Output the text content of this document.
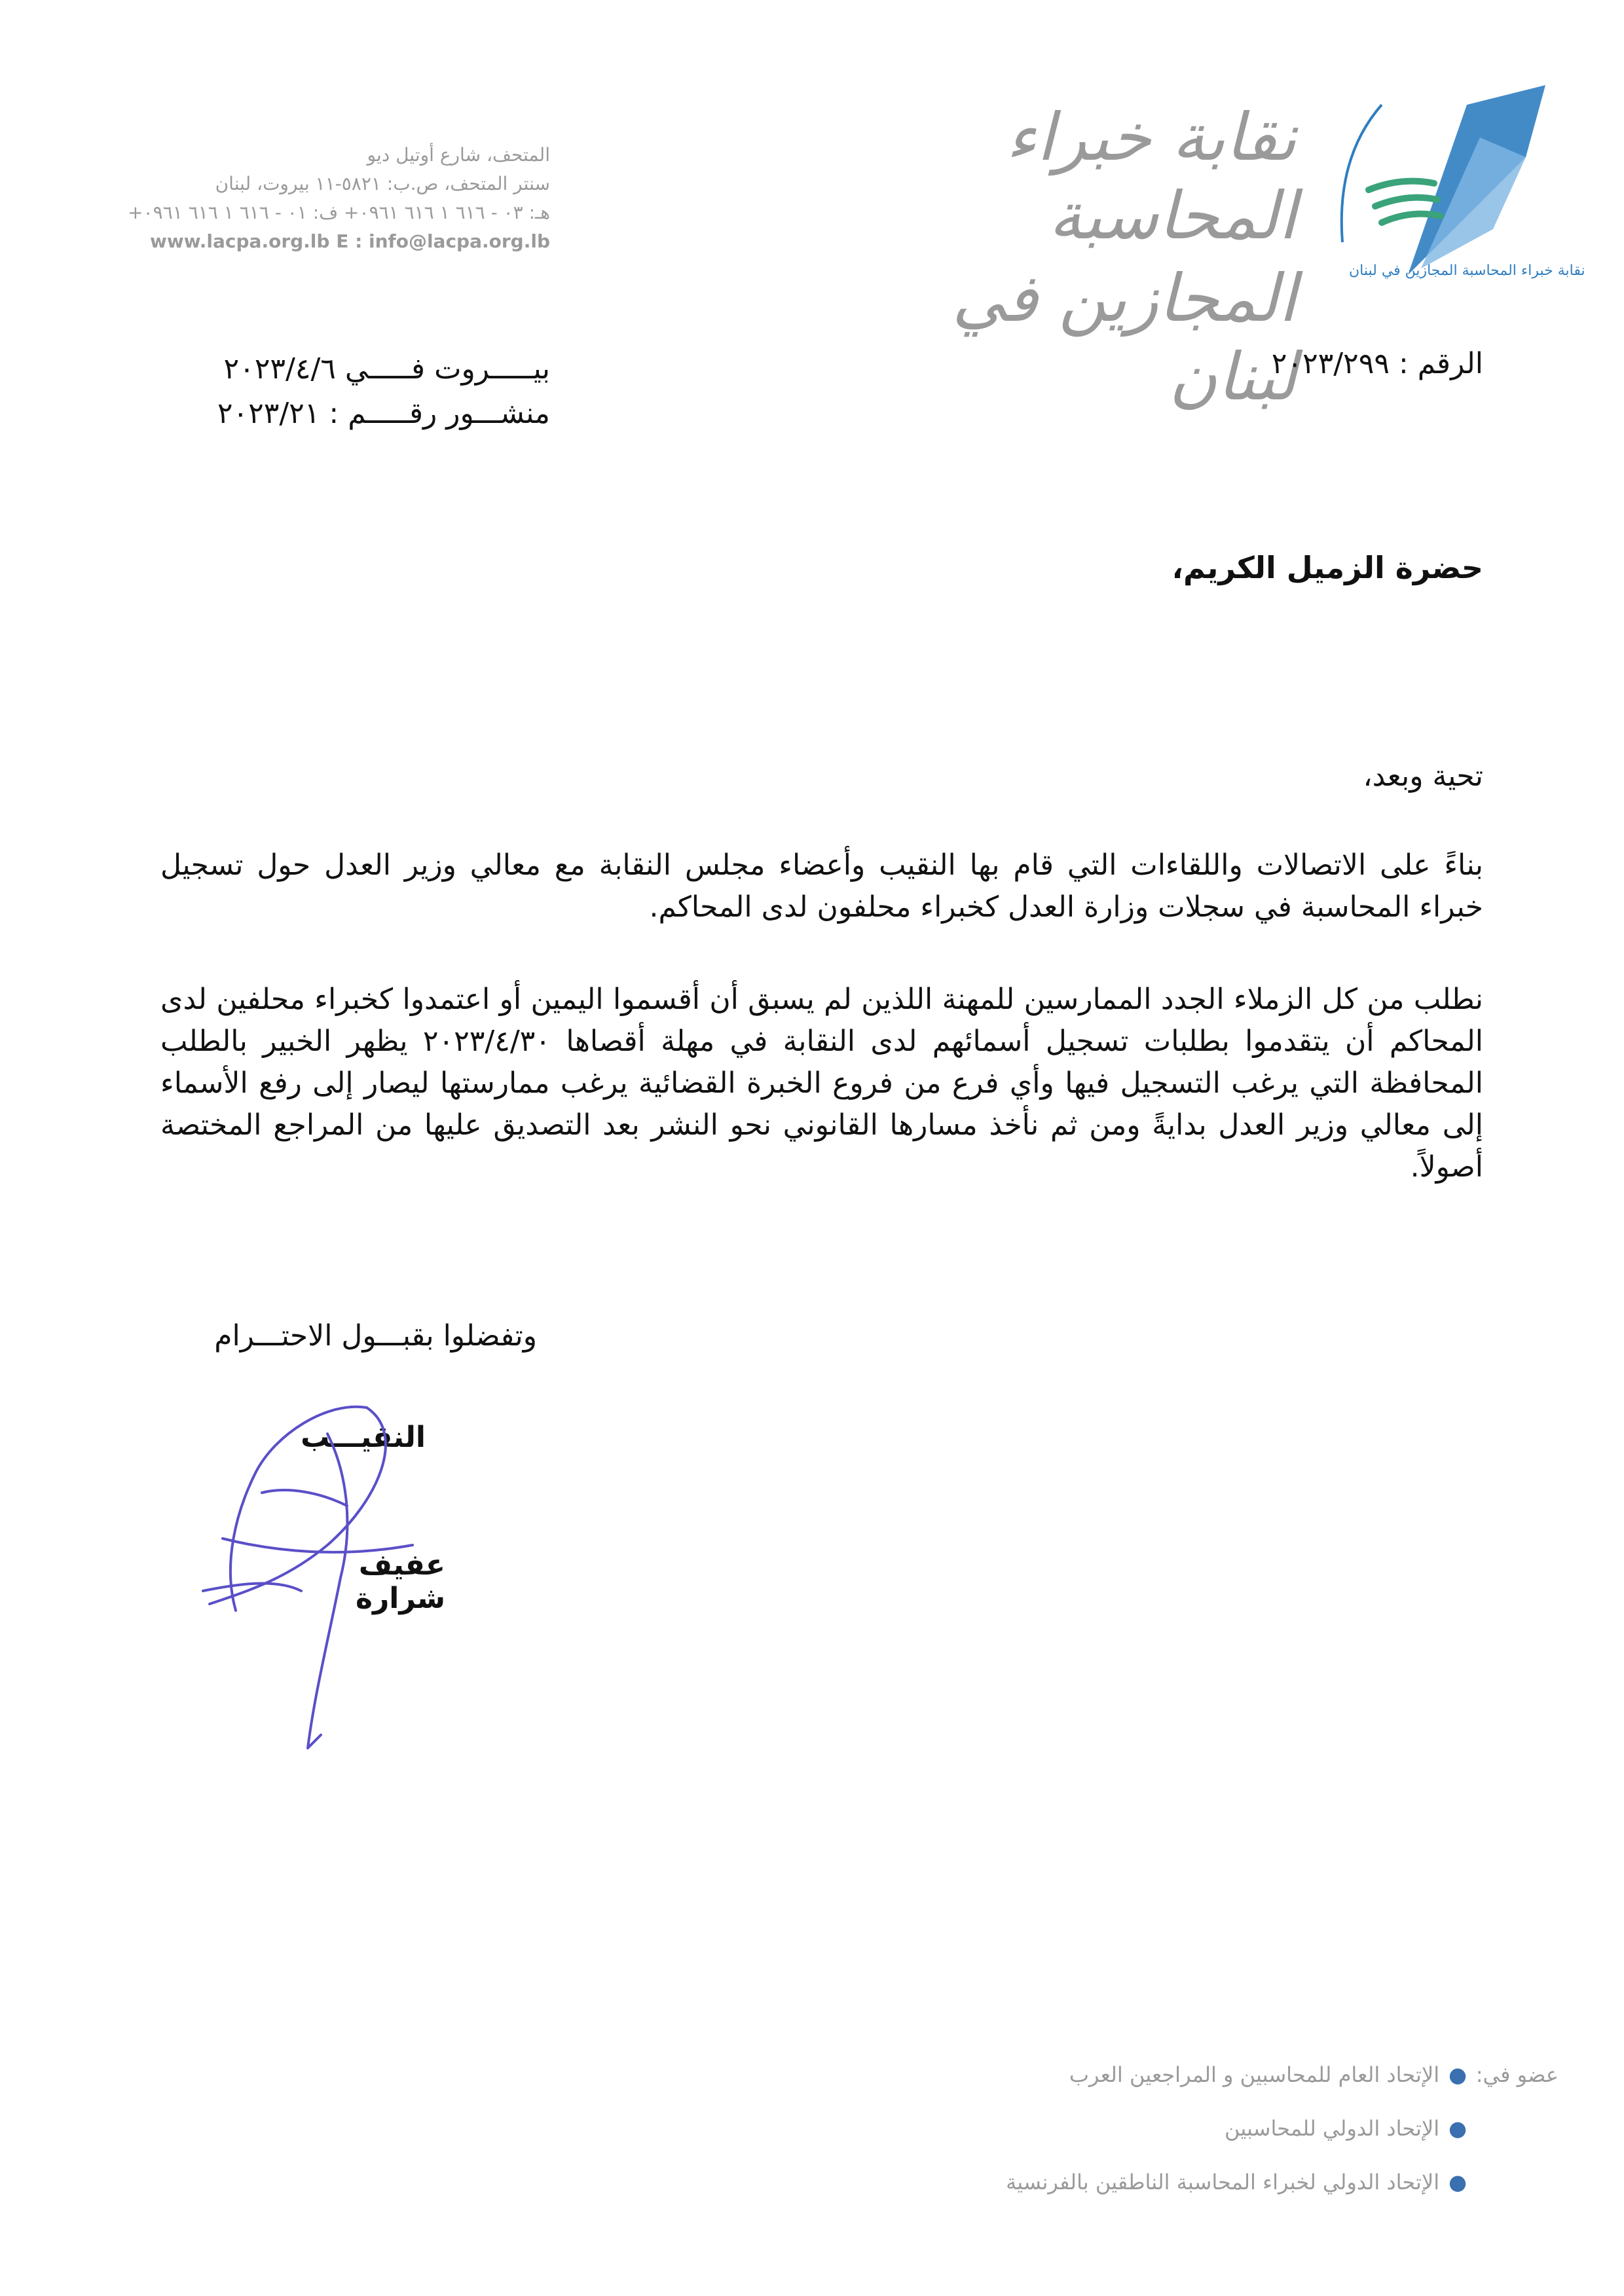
نقابة خبراء المحاسبة المجازين في لبنان
نقابة خبراء المحاسبة
المجازين في لبنان
المتحف، شارع أوتيل ديو
سنتر المتحف، ص.ب: ٥٨٢١-١١ بيروت، لبنان
هـ: ٠٣ - ٦١٦ ١ ٦١٦ ٠٩٦١+ ف: ٠١ - ٦١٦ ١ ٦١٦ ٠٩٦١+
www.lacpa.org.lb E : info@lacpa.org.lb
الرقم : ٢٠٢٣/٢٩٩
بيـــــروت فـــــي ٢٠٢٣/٤/٦
منشـــور رقـــــم : ٢٠٢٣/٢١
حضرة الزميل الكريم،
تحية وبعد،
بناءً على الاتصالات واللقاءات التي قام بها النقيب وأعضاء مجلس النقابة مع معالي وزير العدل حول تسجيل خبراء المحاسبة في سجلات وزارة العدل كخبراء محلفون لدى المحاكم.
نطلب من كل الزملاء الجدد الممارسين للمهنة اللذين لم يسبق أن أقسموا اليمين أو اعتمدوا كخبراء محلفين لدى المحاكم أن يتقدموا بطلبات تسجيل أسمائهم لدى النقابة في مهلة أقصاها ٢٠٢٣/٤/٣٠ يظهر الخبير بالطلب المحافظة التي يرغب التسجيل فيها وأي فرع من فروع الخبرة القضائية يرغب ممارستها ليصار إلى رفع الأسماء إلى معالي وزير العدل بدايةً ومن ثم نأخذ مسارها القانوني نحو النشر بعد التصديق عليها من المراجع المختصة أصولاً.
وتفضلوا بقبـــول الاحتـــرام
النقيـــب
عفيف شرارة
عضو في:
●الإتحاد العام للمحاسبين و المراجعين العرب
●الإتحاد الدولي للمحاسبين
●الإتحاد الدولي لخبراء المحاسبة الناطقين بالفرنسية
